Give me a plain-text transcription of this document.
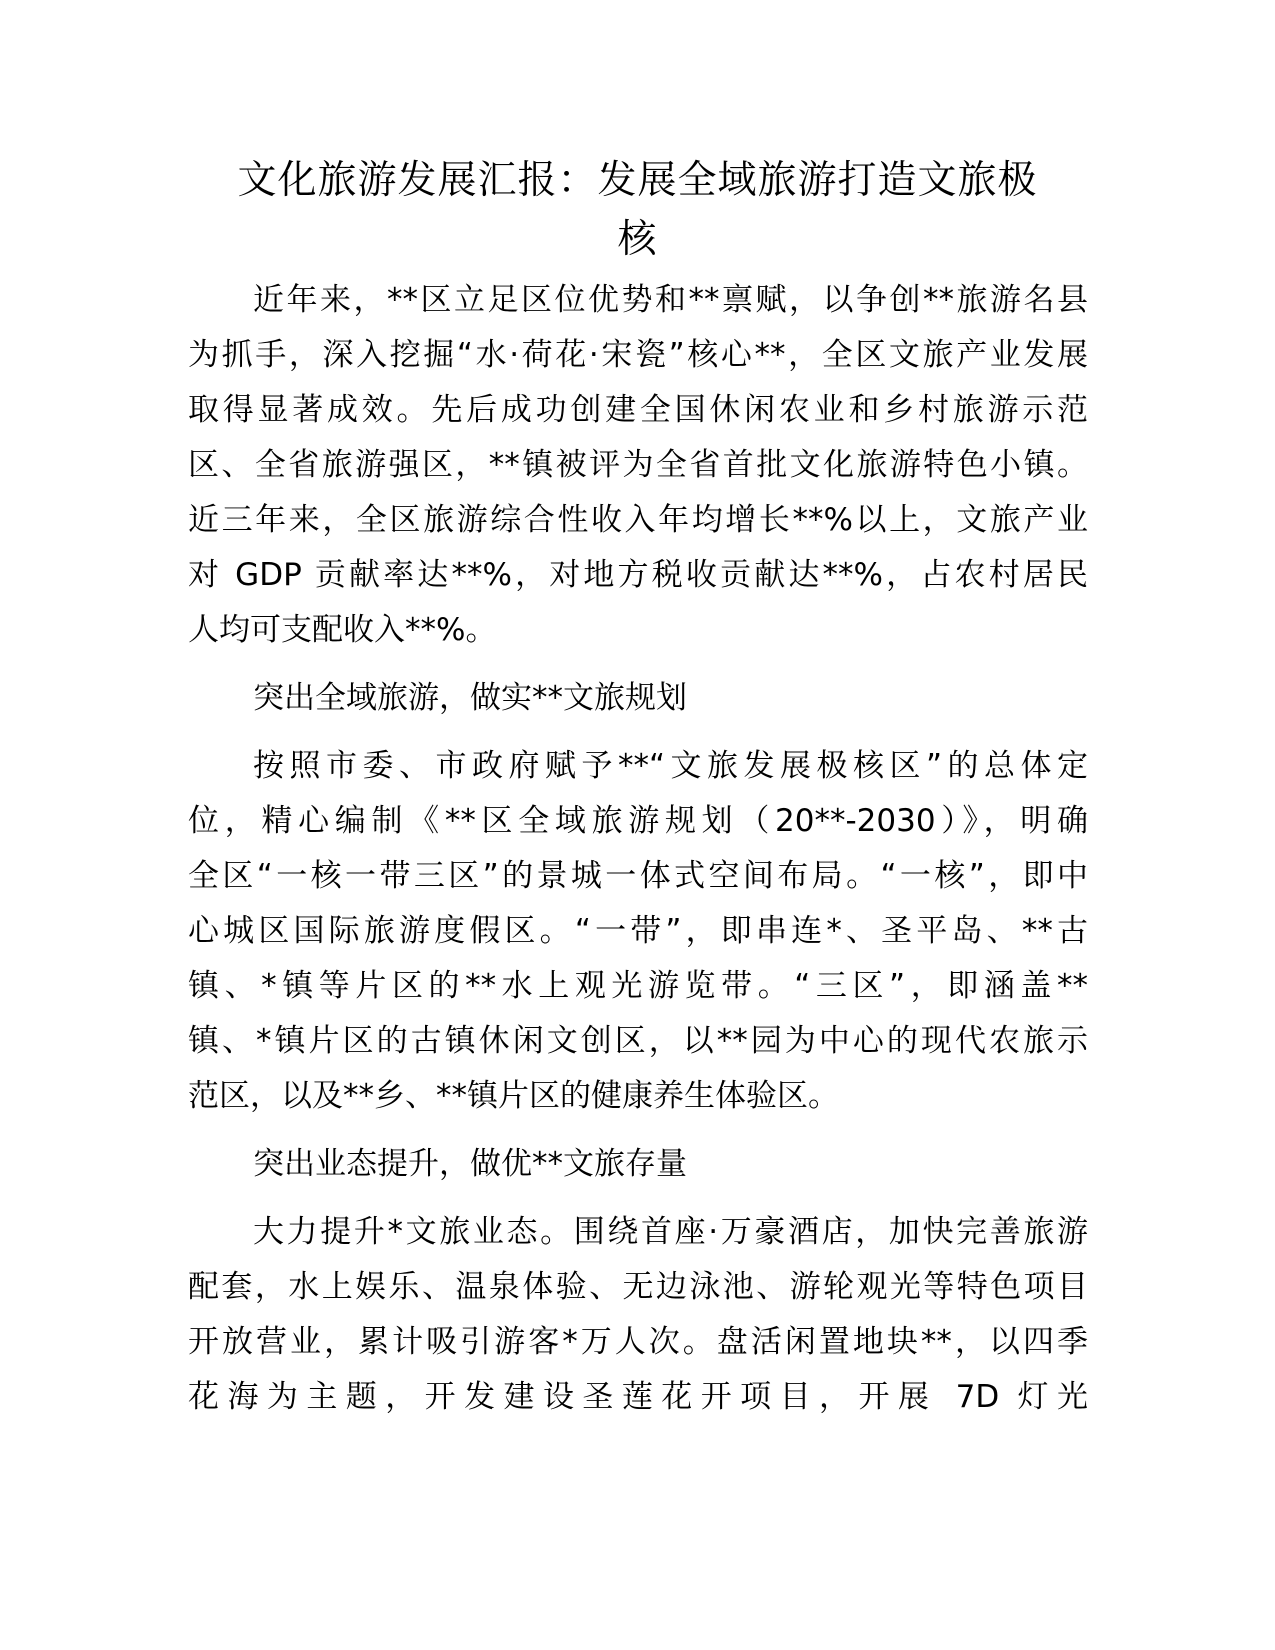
文化旅游发展汇报：发展全域旅游打造文旅极
核
近年来，**区立足区位优势和**禀赋，以争创**旅游名县
为抓手，深入挖掘“水·荷花·宋瓷”核心**，全区文旅产业发展
取得显著成效。先后成功创建全国休闲农业和乡村旅游示范
区、全省旅游强区，**镇被评为全省首批文化旅游特色小镇。
近三年来，全区旅游综合性收入年均增长**%以上，文旅产业
对 GDP 贡献率达**%，对地方税收贡献达**%，占农村居民
人均可支配收入**%。
突出全域旅游，做实**文旅规划
按照市委、市政府赋予**“文旅发展极核区”的总体定
位，精心编制《**区全域旅游规划（20**-2030）》，明确
全区“一核一带三区”的景城一体式空间布局。“一核”，即中
心城区国际旅游度假区。“一带”，即串连*、圣平岛、**古
镇、*镇等片区的**水上观光游览带。“三区”，即涵盖**
镇、*镇片区的古镇休闲文创区，以**园为中心的现代农旅示
范区，以及**乡、**镇片区的健康养生体验区。
突出业态提升，做优**文旅存量
大力提升*文旅业态。围绕首座·万豪酒店，加快完善旅游
配套，水上娱乐、温泉体验、无边泳池、游轮观光等特色项目
开放营业，累计吸引游客*万人次。盘活闲置地块**，以四季
花海为主题，开发建设圣莲花开项目，开展 7D 灯光
